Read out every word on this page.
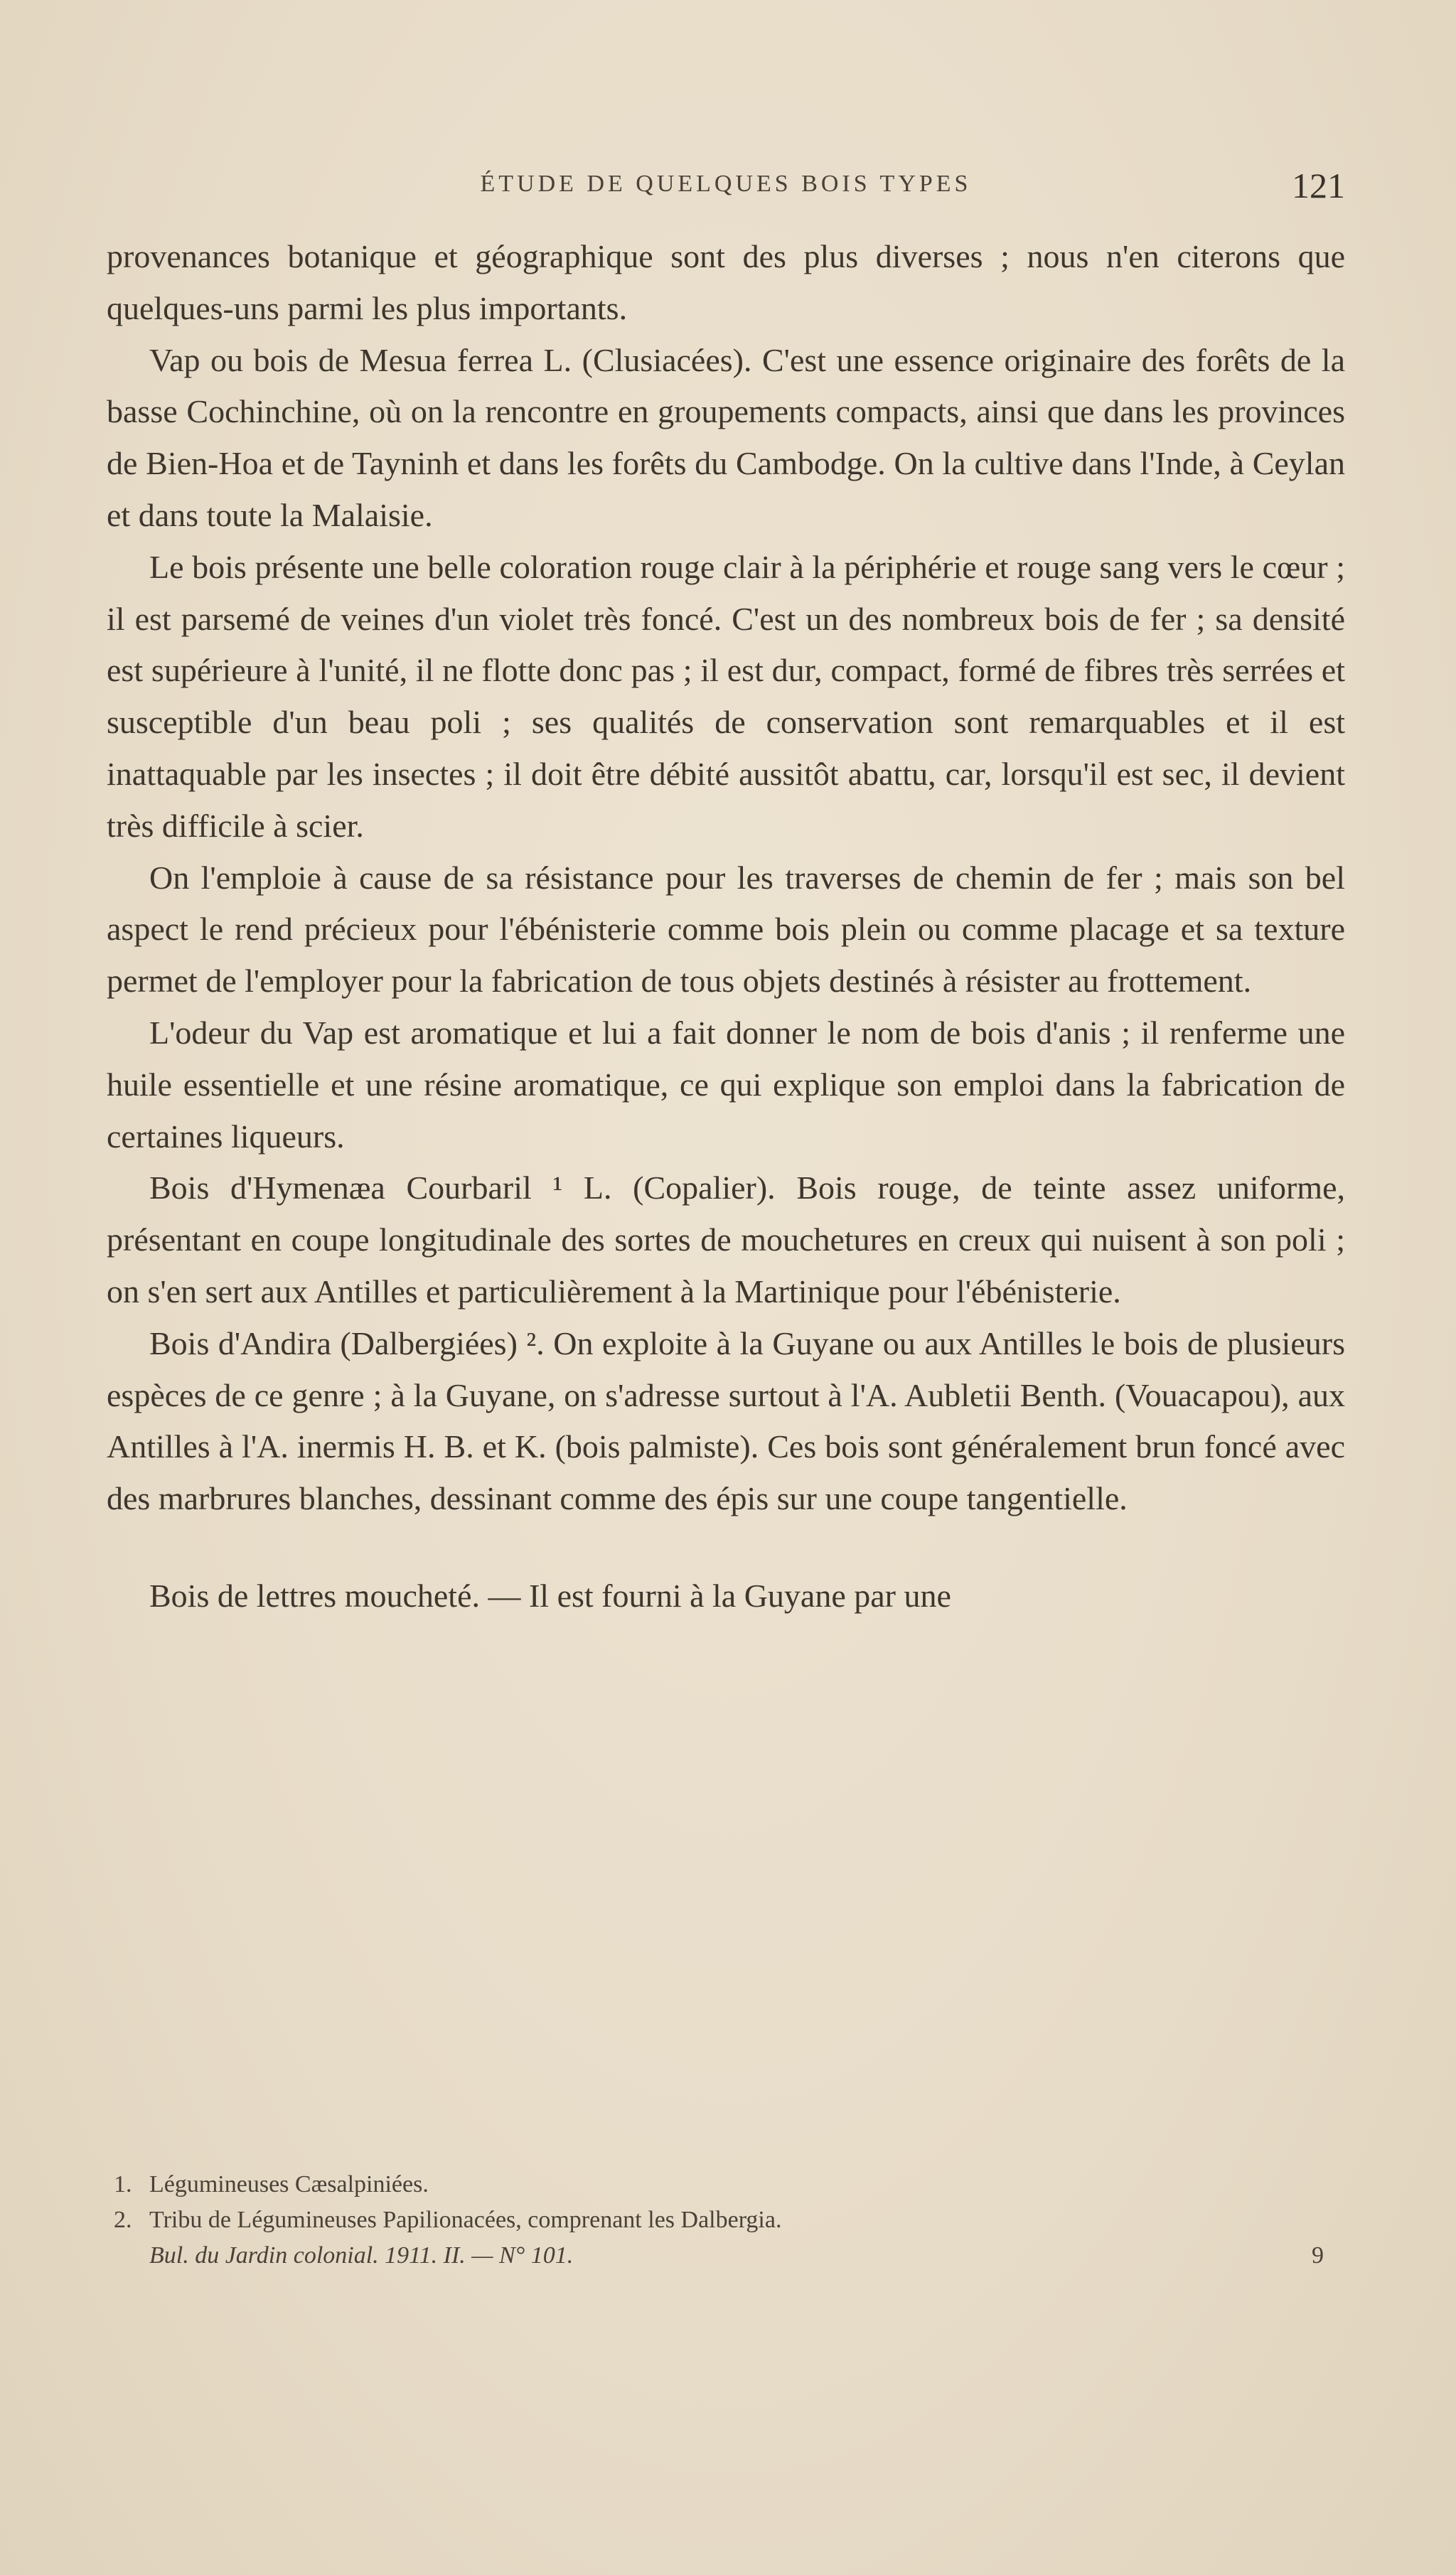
ÉTUDE DE QUELQUES BOIS TYPES	121

provenances botanique et géographique sont des plus diverses ; nous n'en citerons que quelques-uns parmi les plus importants.

Vap ou bois de Mesua ferrea L. (Clusiacées). C'est une essence originaire des forêts de la basse Cochinchine, où on la rencontre en groupements compacts, ainsi que dans les provinces de Bien-Hoa et de Tayninh et dans les forêts du Cambodge. On la cultive dans l'Inde, à Ceylan et dans toute la Malaisie.

Le bois présente une belle coloration rouge clair à la périphérie et rouge sang vers le cœur ; il est parsemé de veines d'un violet très foncé. C'est un des nombreux bois de fer ; sa densité est supérieure à l'unité, il ne flotte donc pas ; il est dur, compact, formé de fibres très serrées et susceptible d'un beau poli ; ses qualités de conservation sont remarquables et il est inattaquable par les insectes ; il doit être débité aussitôt abattu, car, lorsqu'il est sec, il devient très difficile à scier.

On l'emploie à cause de sa résistance pour les traverses de chemin de fer ; mais son bel aspect le rend précieux pour l'ébénisterie comme bois plein ou comme placage et sa texture permet de l'employer pour la fabrication de tous objets destinés à résister au frottement.

L'odeur du Vap est aromatique et lui a fait donner le nom de bois d'anis ; il renferme une huile essentielle et une résine aromatique, ce qui explique son emploi dans la fabrication de certaines liqueurs.

Bois d'Hymenæa Courbaril ¹ L. (Copalier). Bois rouge, de teinte assez uniforme, présentant en coupe longitudinale des sortes de mouchetures en creux qui nuisent à son poli ; on s'en sert aux Antilles et particulièrement à la Martinique pour l'ébénisterie.

Bois d'Andira (Dalbergiées) ². On exploite à la Guyane ou aux Antilles le bois de plusieurs espèces de ce genre ; à la Guyane, on s'adresse surtout à l'A. Aubletii Benth. (Vouacapou), aux Antilles à l'A. inermis H. B. et K. (bois palmiste). Ces bois sont généralement brun foncé avec des marbrures blanches, dessinant comme des épis sur une coupe tangentielle.

Bois de lettres moucheté. — Il est fourni à la Guyane par une

1. Légumineuses Cæsalpiniées.
2. Tribu de Légumineuses Papilionacées, comprenant les Dalbergia.
Bul. du Jardin colonial. 1911. II. — N° 101.	9
